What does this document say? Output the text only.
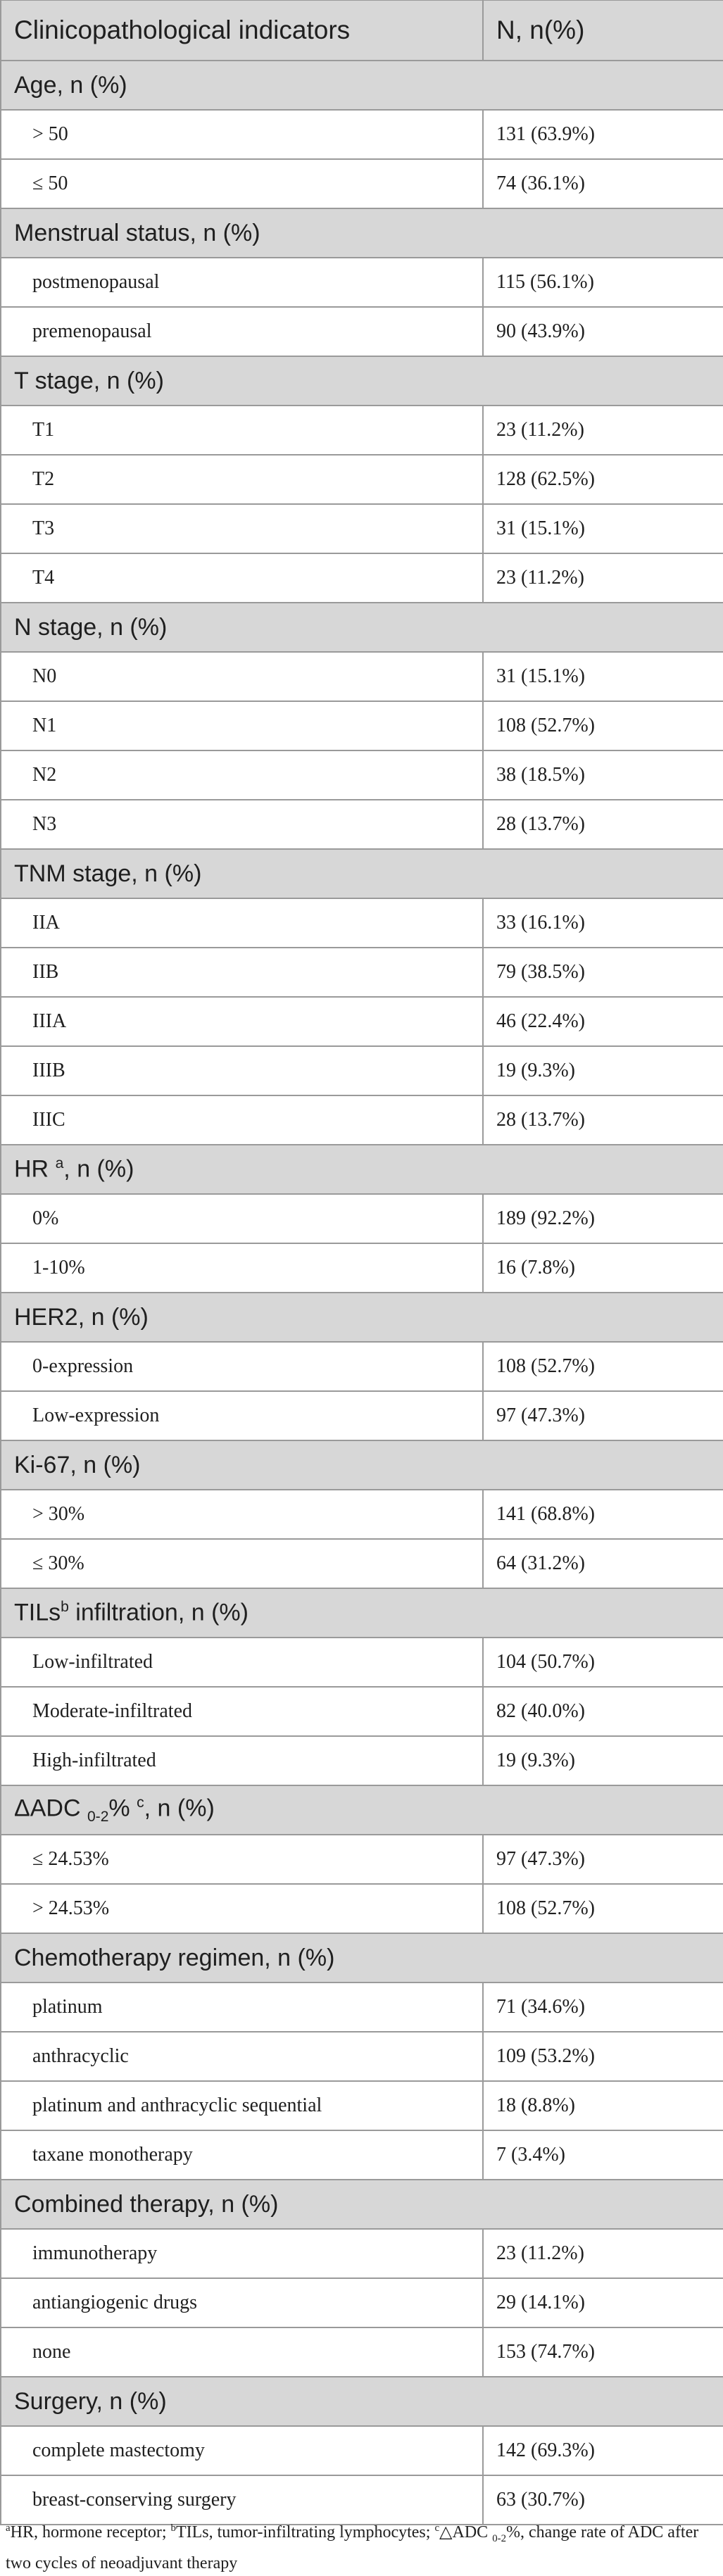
Clinicopathological indicators	N, n(%)
Age, n (%)	
> 50	131 (63.9%)
≤ 50	74 (36.1%)
Menstrual status, n (%)	
postmenopausal	115 (56.1%)
premenopausal	90 (43.9%)
T stage, n (%)	
T1	23 (11.2%)
T2	128 (62.5%)
T3	31 (15.1%)
T4	23 (11.2%)
N stage, n (%)	
N0	31 (15.1%)
N1	108 (52.7%)
N2	38 (18.5%)
N3	28 (13.7%)
TNM stage, n (%)	
IIA	33 (16.1%)
IIB	79 (38.5%)
IIIA	46 (22.4%)
IIIB	19 (9.3%)
IIIC	28 (13.7%)
HR $^a$, n (%)	
0%	189 (92.2%)
1-10%	16 (7.8%)
HER2, n (%)	
0-expression	108 (52.7%)
Low-expression	97 (47.3%)
Ki-67, n (%)	
> 30%	141 (68.8%)
≤ 30%	64 (31.2%)
TILs$^b$ infiltration, n (%)	
Low-infiltrated	104 (50.7%)
Moderate-infiltrated	82 (40.0%)
High-infiltrated	19 (9.3%)
ΔADC $_{0-2}$% $^c$, n (%)	
≤ 24.53%	97 (47.3%)
> 24.53%	108 (52.7%)
Chemotherapy regimen, n (%)	
platinum	71 (34.6%)
anthracyclic	109 (53.2%)
platinum and anthracyclic sequential	18 (8.8%)
taxane monotherapy	7 (3.4%)
Combined therapy, n (%)	
immunotherapy	23 (11.2%)
antiangiogenic drugs	29 (14.1%)
none	153 (74.7%)
Surgery, n (%)	
complete mastectomy	142 (69.3%)
breast-conserving surgery	63 (30.7%)
$^a$HR, hormone receptor; $^b$TILs, tumor-infiltrating lymphocytes; $^c$△ADC $_{0-2}$%, change rate of ADC after two cycles of neoadjuvant therapy
